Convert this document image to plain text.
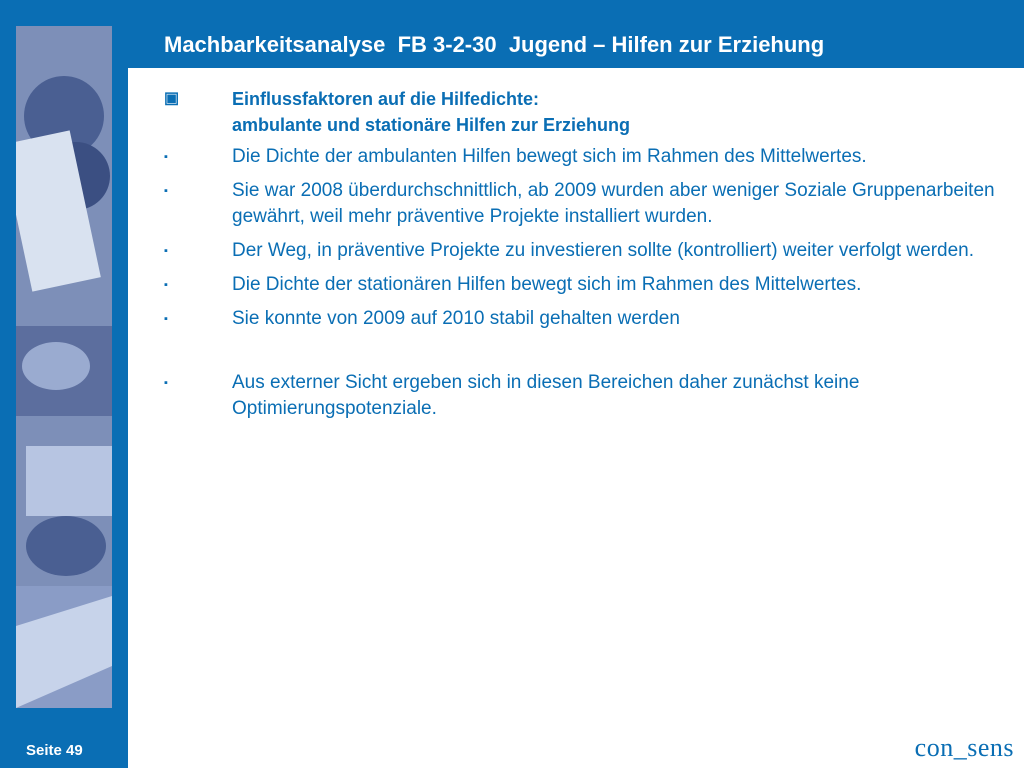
Machbarkeitsanalyse  FB 3-2-30  Jugend – Hilfen zur Erziehung
▣	Einflussfaktoren auf die Hilfedichte:
ambulante und stationäre Hilfen zur Erziehung
▪	Die Dichte der ambulanten Hilfen bewegt sich im Rahmen des Mittelwertes.
▪	Sie war 2008 überdurchschnittlich, ab 2009 wurden aber weniger Soziale Gruppenarbeiten gewährt, weil mehr präventive Projekte installiert wurden.
▪	Der Weg, in präventive Projekte zu investieren sollte (kontrolliert) weiter verfolgt werden.
▪	Die Dichte der stationären Hilfen bewegt sich im Rahmen des Mittelwertes.
▪	Sie konnte von 2009 auf 2010 stabil gehalten werden
▪	Aus externer Sicht ergeben sich in diesen Bereichen daher zunächst keine Optimierungspotenziale.
Seite 49	con_sens
